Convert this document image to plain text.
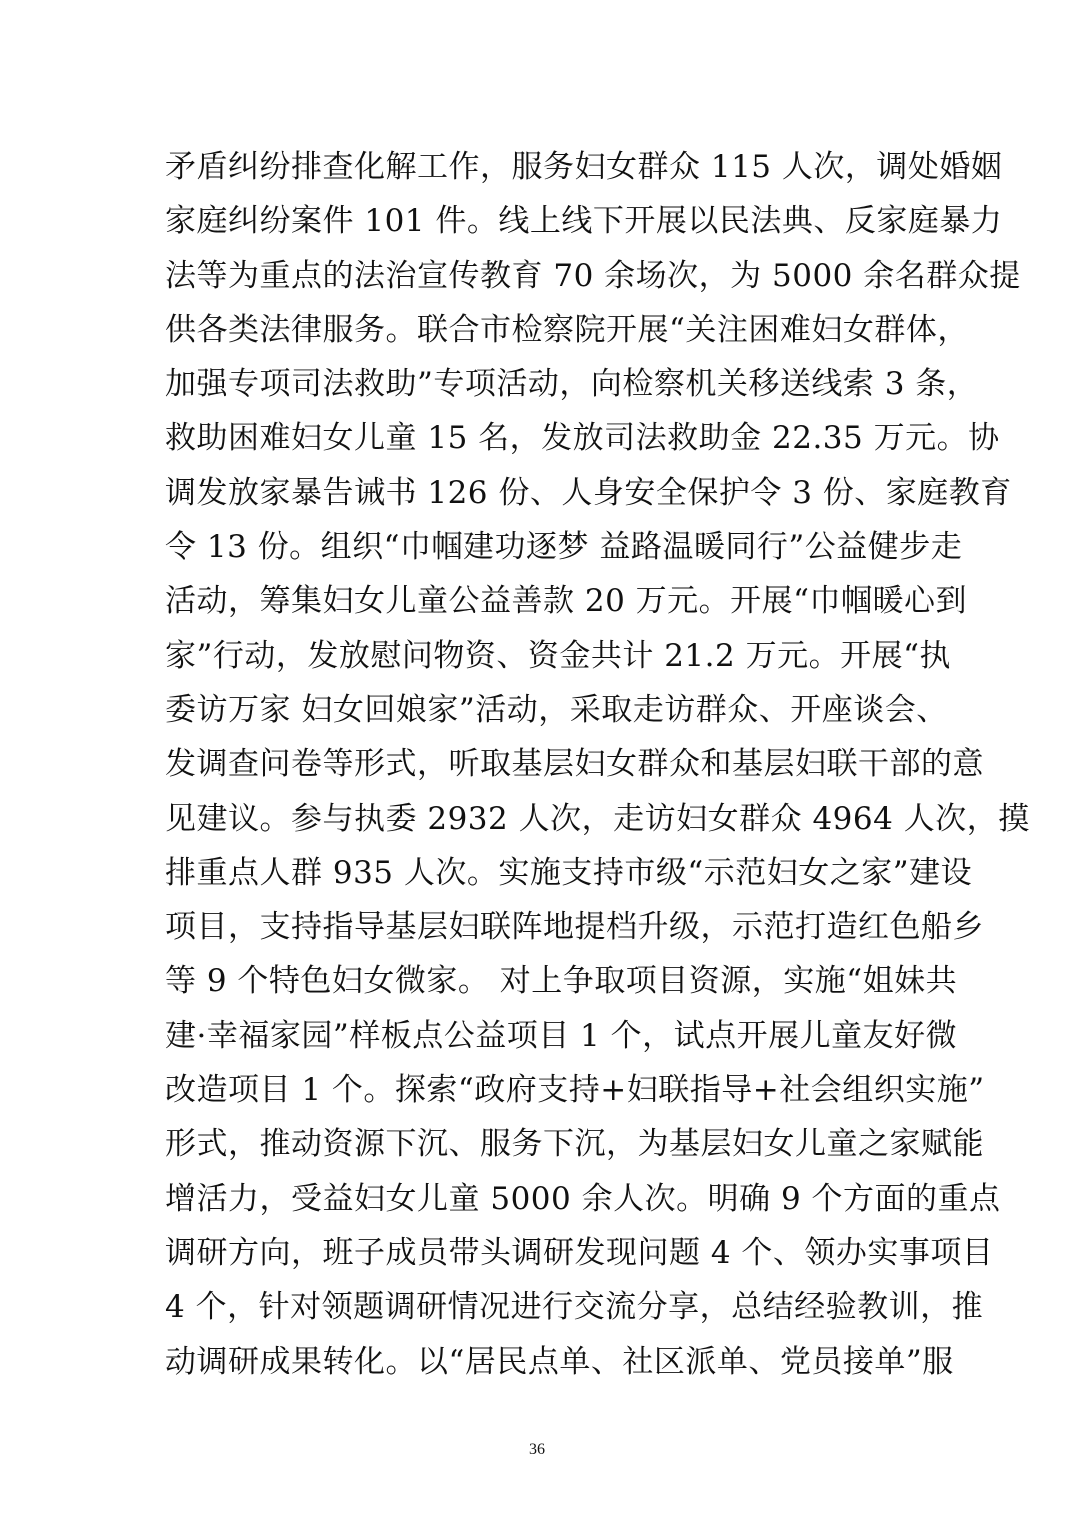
矛盾纠纷排查化解工作，服务妇女群众 115 人次，调处婚姻
家庭纠纷案件 101 件。线上线下开展以民法典、反家庭暴力
法等为重点的法治宣传教育 70 余场次，为 5000 余名群众提
供各类法律服务。联合市检察院开展“关注困难妇女群体，
加强专项司法救助”专项活动，向检察机关移送线索 3 条，
救助困难妇女儿童 15 名，发放司法救助金 22.35 万元。协
调发放家暴告诫书 126 份、人身安全保护令 3 份、家庭教育
令 13 份。组织“巾帼建功逐梦 益路温暖同行”公益健步走
活动，筹集妇女儿童公益善款 20 万元。开展“巾帼暖心到
家”行动，发放慰问物资、资金共计 21.2 万元。开展“执
委访万家 妇女回娘家”活动，采取走访群众、开座谈会、
发调查问卷等形式，听取基层妇女群众和基层妇联干部的意
见建议。参与执委 2932 人次，走访妇女群众 4964 人次，摸
排重点人群 935 人次。实施支持市级“示范妇女之家”建设
项目，支持指导基层妇联阵地提档升级，示范打造红色船乡
等 9 个特色妇女微家。 对上争取项目资源，实施“姐妹共
建·幸福家园”样板点公益项目 1 个，试点开展儿童友好微
改造项目 1 个。探索“政府支持+妇联指导+社会组织实施”
形式，推动资源下沉、服务下沉，为基层妇女儿童之家赋能
增活力，受益妇女儿童 5000 余人次。明确 9 个方面的重点
调研方向，班子成员带头调研发现问题 4 个、领办实事项目
4 个，针对领题调研情况进行交流分享，总结经验教训，推
动调研成果转化。以“居民点单、社区派单、党员接单”服
36
